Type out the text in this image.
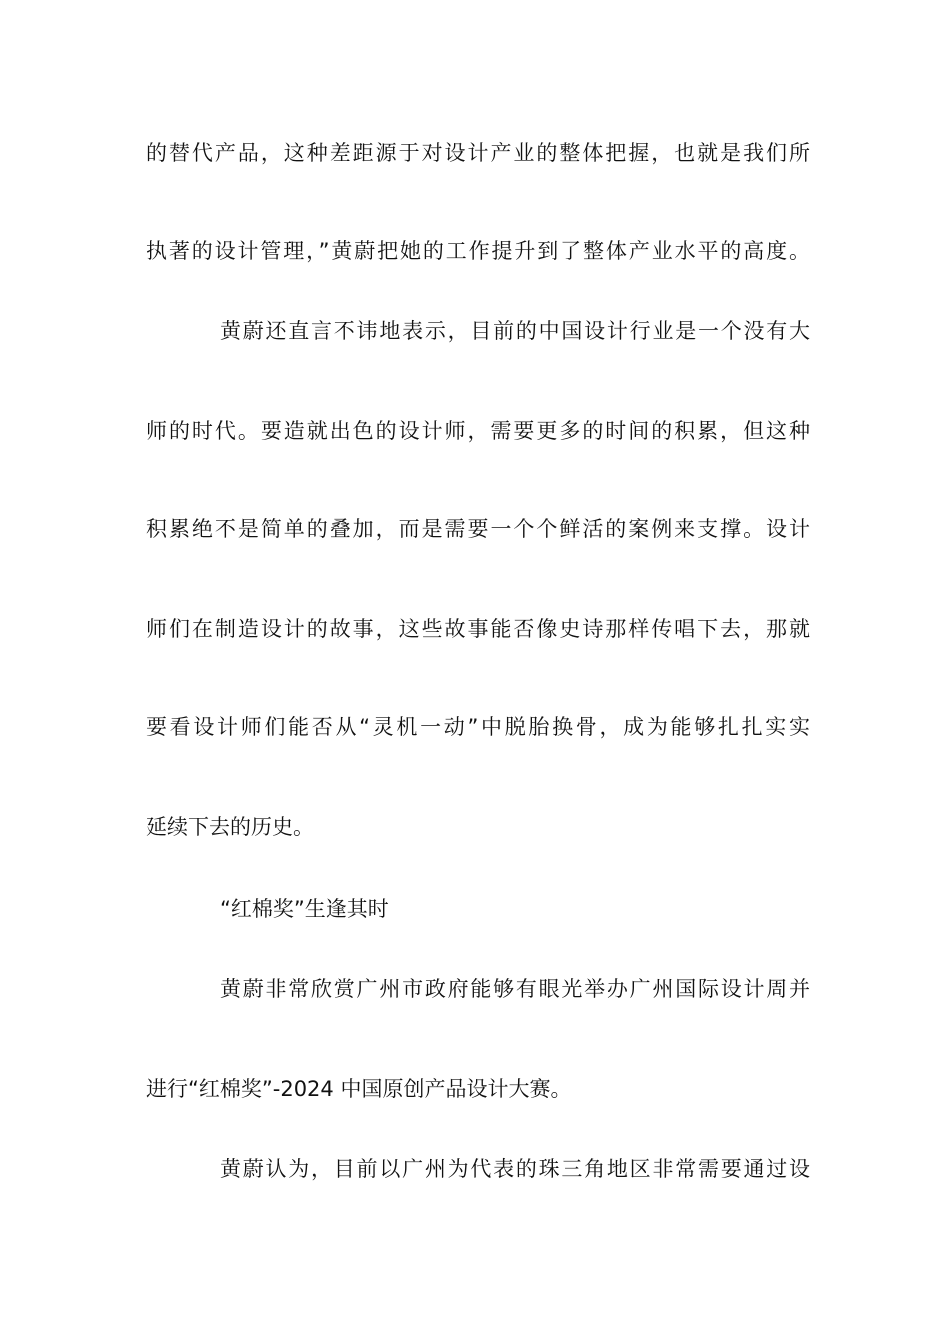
的替代产品，这种差距源于对设计产业的整体把握，也就是我们所
执著的设计管理，”黄蔚把她的工作提升到了整体产业水平的高度。
黄蔚还直言不讳地表示，目前的中国设计行业是一个没有大
师的时代。要造就出色的设计师，需要更多的时间的积累，但这种
积累绝不是简单的叠加，而是需要一个个鲜活的案例来支撑。设计
师们在制造设计的故事，这些故事能否像史诗那样传唱下去，那就
要看设计师们能否从“灵机一动”中脱胎换骨，成为能够扎扎实实
延续下去的历史。
“红棉奖”生逢其时
黄蔚非常欣赏广州市政府能够有眼光举办广州国际设计周并
进行“红棉奖”-2024 中国原创产品设计大赛。
黄蔚认为，目前以广州为代表的珠三角地区非常需要通过设
